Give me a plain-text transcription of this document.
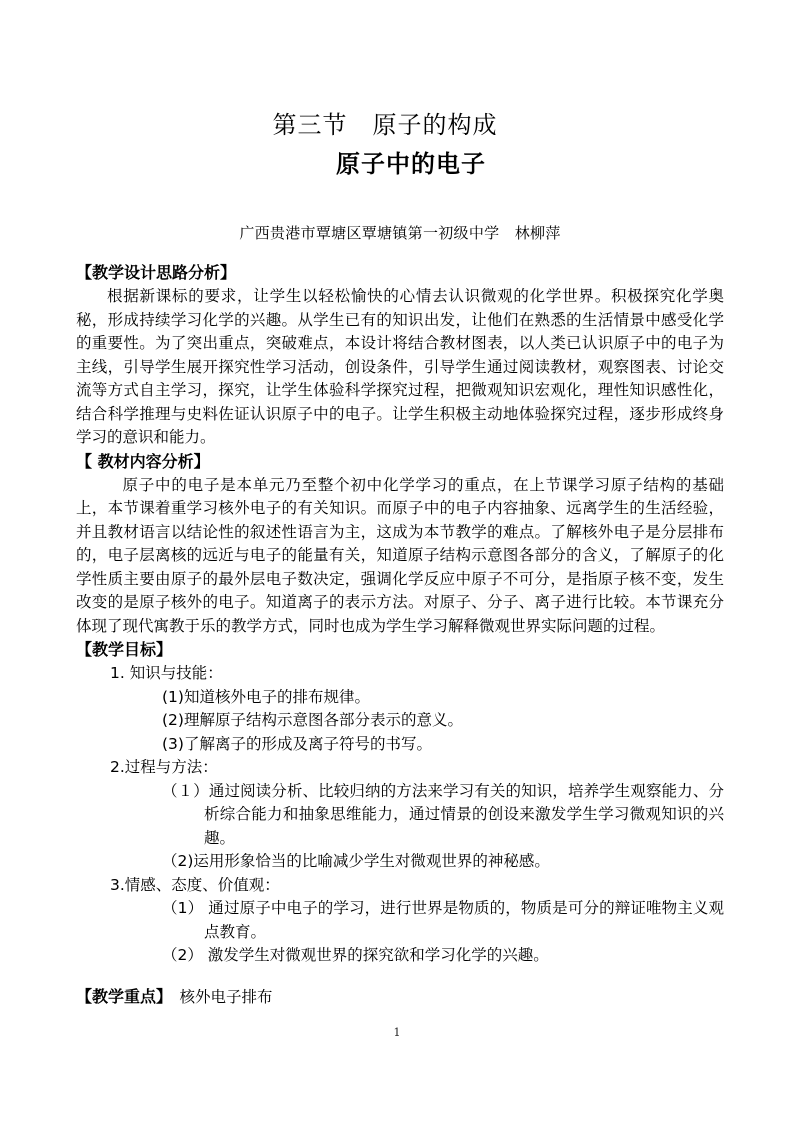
第三节　原子的构成
原子中的电子
广西贵港市覃塘区覃塘镇第一初级中学　林柳萍
【教学设计思路分析】
根据新课标的要求，让学生以轻松愉快的心情去认识微观的化学世界。积极探究化学奥秘，形成持续学习化学的兴趣。从学生已有的知识出发，让他们在熟悉的生活情景中感受化学的重要性。为了突出重点，突破难点，本设计将结合教材图表，以人类已认识原子中的电子为主线，引导学生展开探究性学习活动，创设条件，引导学生通过阅读教材，观察图表、讨论交流等方式自主学习，探究，让学生体验科学探究过程，把微观知识宏观化，理性知识感性化，结合科学推理与史料佐证认识原子中的电子。让学生积极主动地体验探究过程，逐步形成终身学习的意识和能力。
【 教材内容分析】
原子中的电子是本单元乃至整个初中化学学习的重点，在上节课学习原子结构的基础上，本节课着重学习核外电子的有关知识。而原子中的电子内容抽象、远离学生的生活经验，并且教材语言以结论性的叙述性语言为主，这成为本节教学的难点。了解核外电子是分层排布的，电子层离核的远近与电子的能量有关，知道原子结构示意图各部分的含义，了解原子的化学性质主要由原子的最外层电子数决定，强调化学反应中原子不可分，是指原子核不变，发生改变的是原子核外的电子。知道离子的表示方法。对原子、分子、离子进行比较。本节课充分体现了现代寓教于乐的教学方式，同时也成为学生学习解释微观世界实际问题的过程。
【教学目标】
1. 知识与技能：
(1)知道核外电子的排布规律。
(2)理解原子结构示意图各部分表示的意义。
(3)了解离子的形成及离子符号的书写。
2.过程与方法：
（１）通过阅读分析、比较归纳的方法来学习有关的知识，培养学生观察能力、分析综合能力和抽象思维能力，通过情景的创设来激发学生学习微观知识的兴趣。
（2)运用形象恰当的比喻减少学生对微观世界的神秘感。
3.情感、态度、价值观：
（1） 通过原子中电子的学习，进行世界是物质的，物质是可分的辩证唯物主义观点教育。
（2） 激发学生对微观世界的探究欲和学习化学的兴趣。
【教学重点】　核外电子排布
1
